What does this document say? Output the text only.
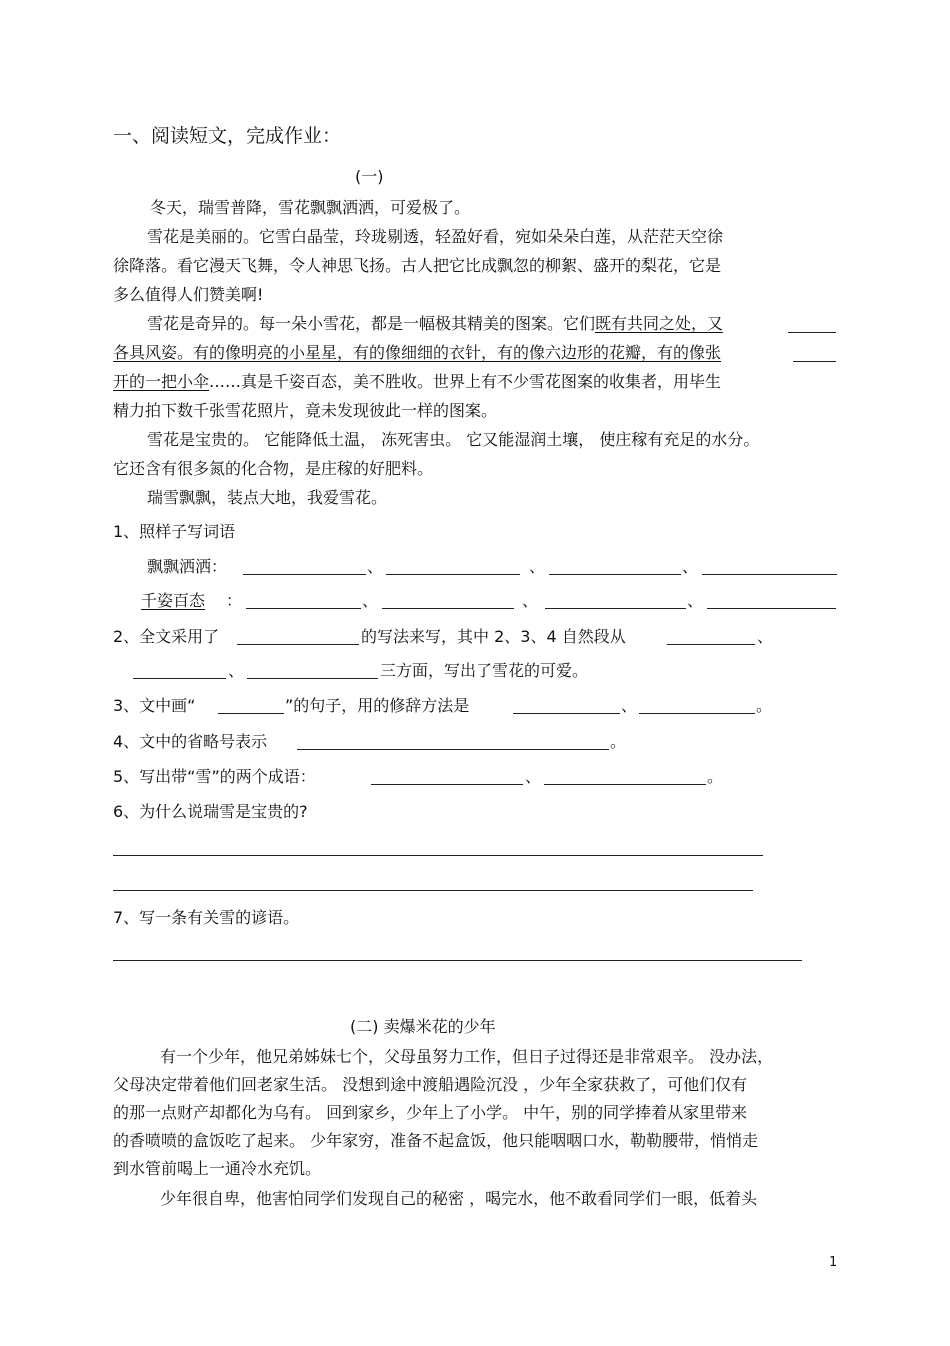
一、阅读短文，完成作业：
(一)
冬天，瑞雪普降，雪花飘飘洒洒，可爱极了。
雪花是美丽的。它雪白晶莹，玲珑剔透，轻盈好看，宛如朵朵白莲，从茫茫天空徐
徐降落。看它漫天飞舞，令人神思飞扬。古人把它比成飘忽的柳絮、盛开的梨花，它是
多么值得人们赞美啊!
雪花是奇异的。每一朵小雪花，都是一幅极其精美的图案。它们既有共同之处，又
各具风姿。有的像明亮的小星星，有的像细细的衣针，有的像六边形的花瓣，有的像张
开的一把小伞……真是千姿百态，美不胜收。世界上有不少雪花图案的收集者，用毕生
精力拍下数千张雪花照片，竟未发现彼此一样的图案。
雪花是宝贵的。 它能降低土温， 冻死害虫。 它又能湿润土壤， 使庄稼有充足的水分。
它还含有很多氮的化合物，是庄稼的好肥料。
瑞雪飘飘，装点大地，我爱雪花。
1、照样子写词语
飘飘洒洒：	、	、	、
千姿百态 ：	、	、	、
2、全文采用了	的写法来写，其中 2、3、4 自然段从	、
、	三方面，写出了雪花的可爱。
3、文中画“	”的句子，用的修辞方法是	、	。
4、文中的省略号表示	。
5、写出带“雪”的两个成语：	、	。
6、为什么说瑞雪是宝贵的?
7、写一条有关雪的谚语。
(二) 卖爆米花的少年
有一个少年，他兄弟姊妹七个，父母虽努力工作，但日子过得还是非常艰辛。 没办法，
父母决定带着他们回老家生活。 没想到途中渡船遇险沉没 ，少年全家获救了，可他们仅有
的那一点财产却都化为乌有。 回到家乡，少年上了小学。 中午，别的同学捧着从家里带来
的香喷喷的盒饭吃了起来。 少年家穷，准备不起盒饭，他只能咽咽口水，勒勒腰带，悄悄走
到水管前喝上一通冷水充饥。
少年很自卑，他害怕同学们发现自己的秘密 ，喝完水，他不敢看同学们一眼，低着头
1
